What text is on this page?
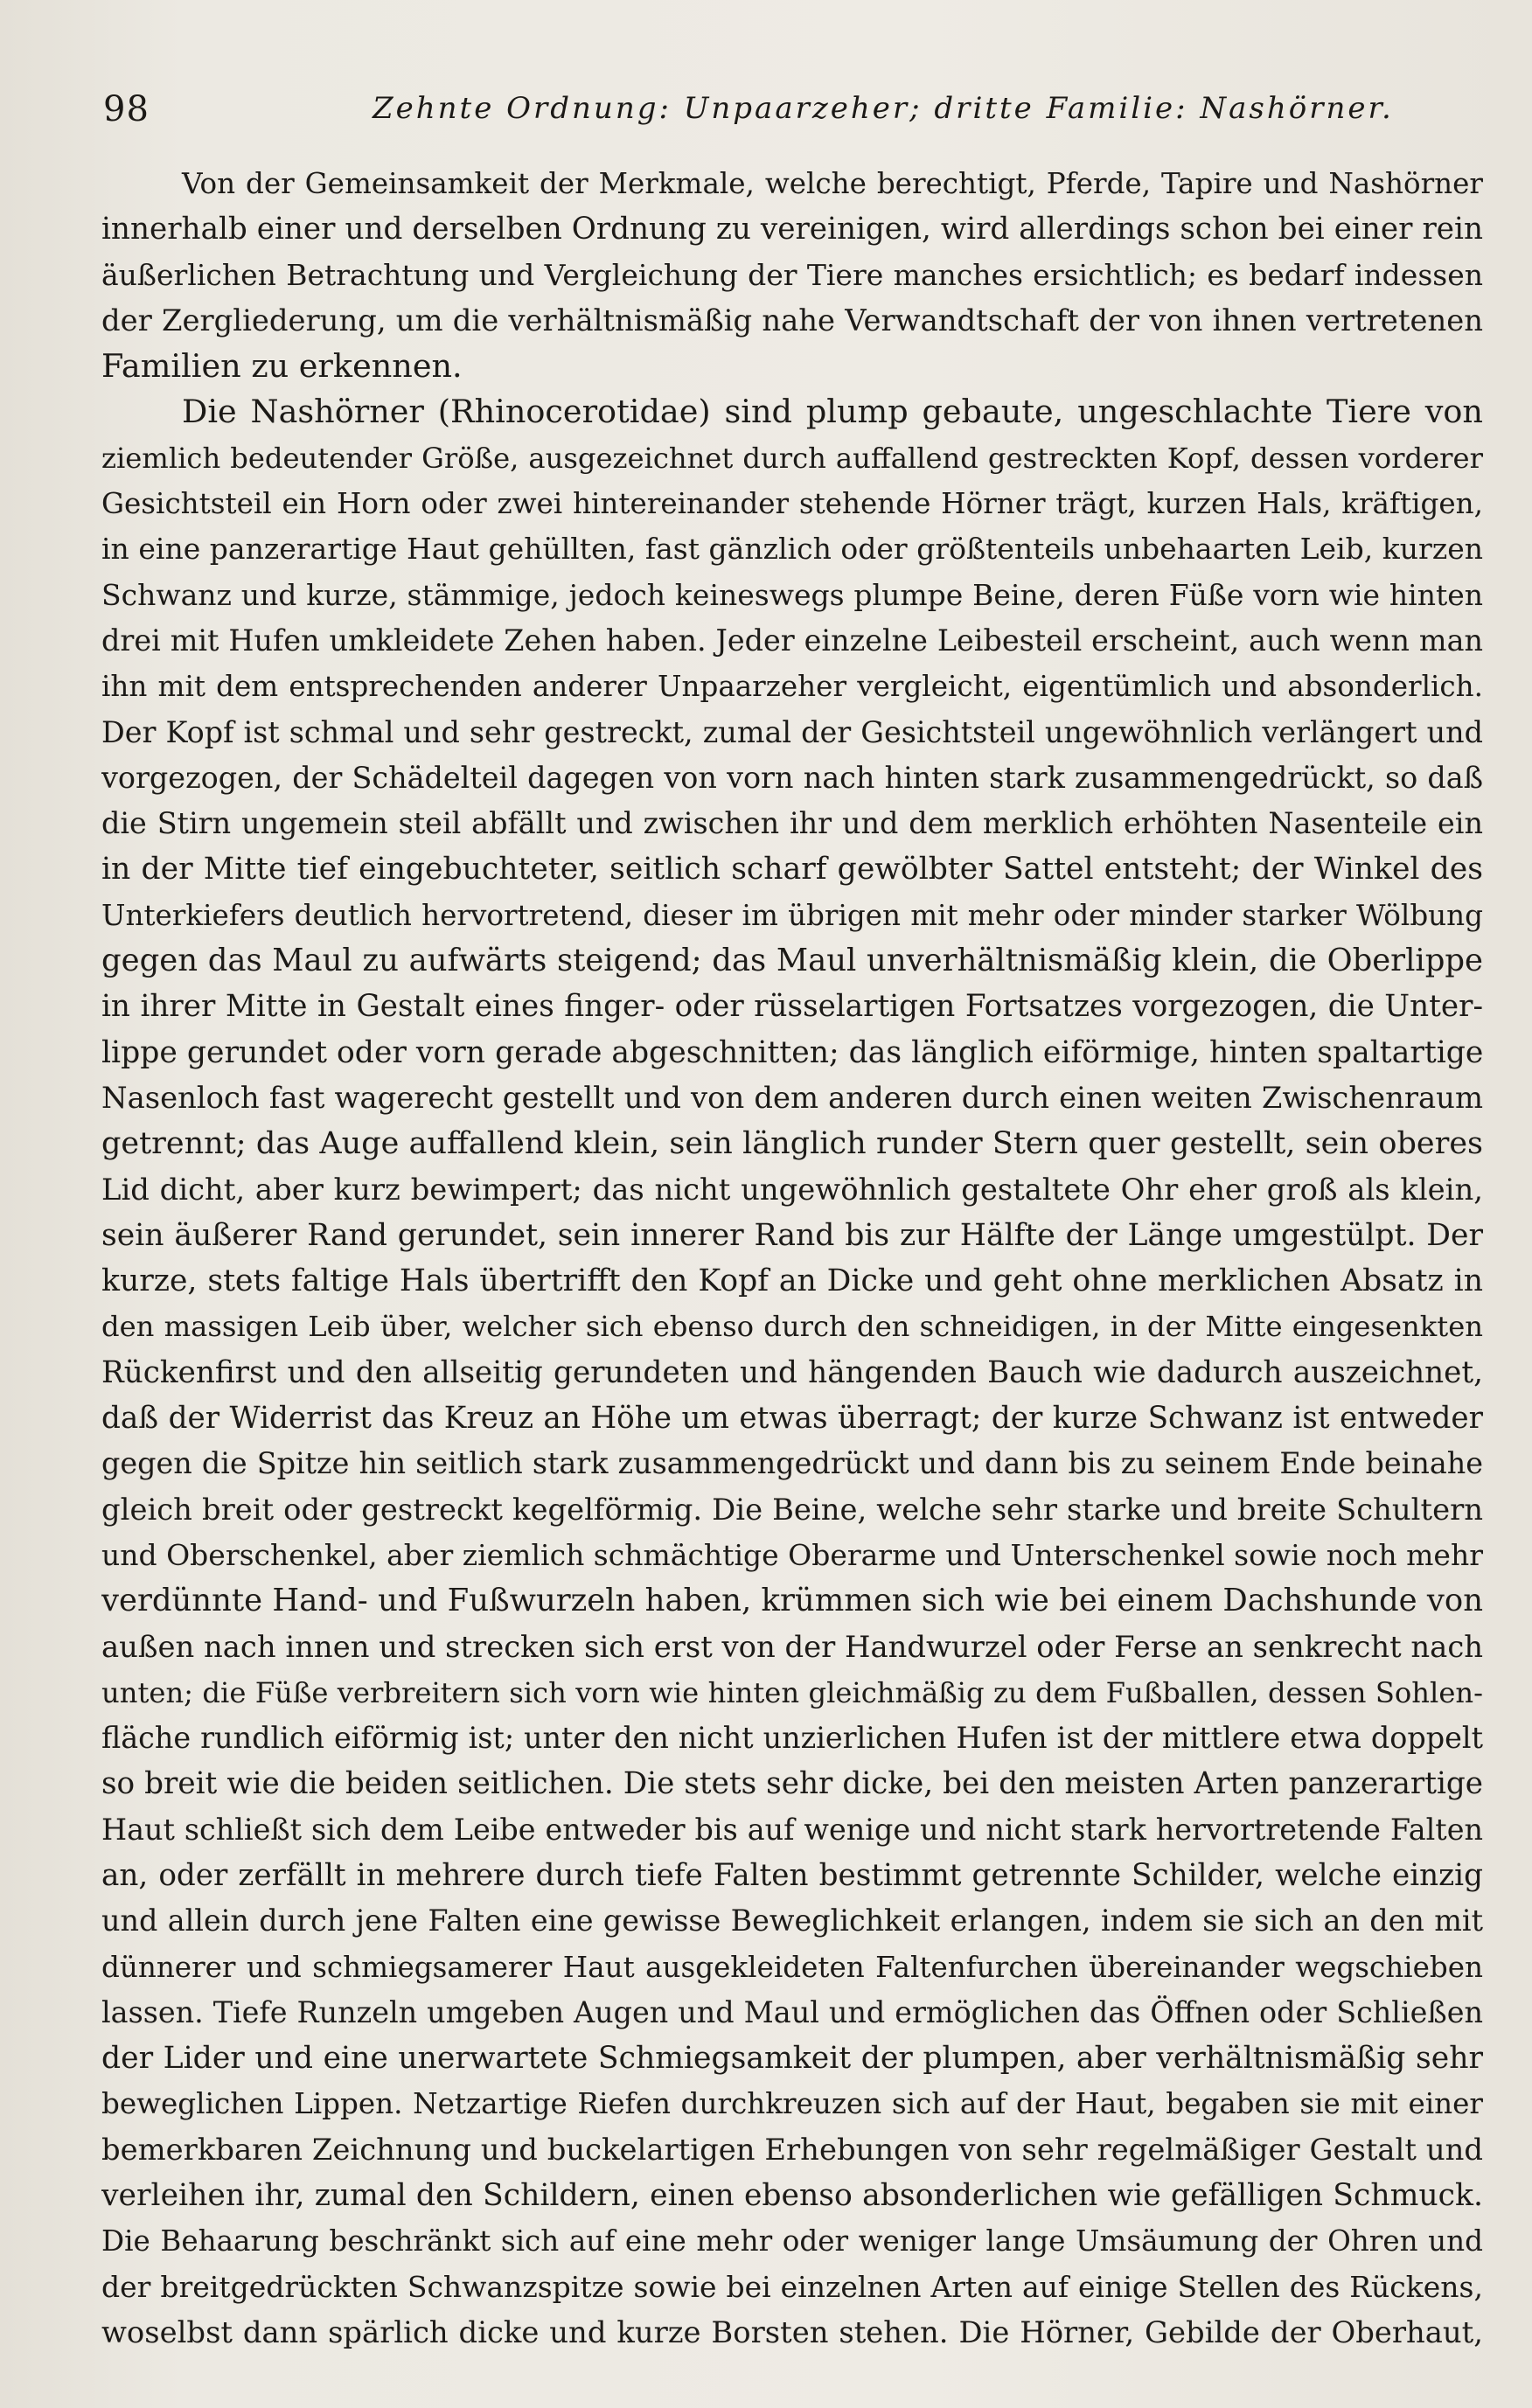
98	Zehnte Ordnung: Unpaarzeher; dritte Familie: Nashörner.
Von der Gemeinsamkeit der Merkmale, welche berechtigt, Pferde, Tapire und Nashörner
innerhalb einer und derselben Ordnung zu vereinigen, wird allerdings schon bei einer rein
äußerlichen Betrachtung und Vergleichung der Tiere manches ersichtlich; es bedarf indessen
der Zergliederung, um die verhältnismäßig nahe Verwandtschaft der von ihnen vertretenen
Familien zu erkennen.
Die Nashörner (Rhinocerotidae) sind plump gebaute, ungeschlachte Tiere von
ziemlich bedeutender Größe, ausgezeichnet durch auffallend gestreckten Kopf, dessen vorderer
Gesichtsteil ein Horn oder zwei hintereinander stehende Hörner trägt, kurzen Hals, kräftigen,
in eine panzerartige Haut gehüllten, fast gänzlich oder größtenteils unbehaarten Leib, kurzen
Schwanz und kurze, stämmige, jedoch keineswegs plumpe Beine, deren Füße vorn wie hinten
drei mit Hufen umkleidete Zehen haben. Jeder einzelne Leibesteil erscheint, auch wenn man
ihn mit dem entsprechenden anderer Unpaarzeher vergleicht, eigentümlich und absonderlich.
Der Kopf ist schmal und sehr gestreckt, zumal der Gesichtsteil ungewöhnlich verlängert und
vorgezogen, der Schädelteil dagegen von vorn nach hinten stark zusammengedrückt, so daß
die Stirn ungemein steil abfällt und zwischen ihr und dem merklich erhöhten Nasenteile ein
in der Mitte tief eingebuchteter, seitlich scharf gewölbter Sattel entsteht; der Winkel des
Unterkiefers deutlich hervortretend, dieser im übrigen mit mehr oder minder starker Wölbung
gegen das Maul zu aufwärts steigend; das Maul unverhältnismäßig klein, die Oberlippe
in ihrer Mitte in Gestalt eines finger- oder rüsselartigen Fortsatzes vorgezogen, die Unter-
lippe gerundet oder vorn gerade abgeschnitten; das länglich eiförmige, hinten spaltartige
Nasenloch fast wagerecht gestellt und von dem anderen durch einen weiten Zwischenraum
getrennt; das Auge auffallend klein, sein länglich runder Stern quer gestellt, sein oberes
Lid dicht, aber kurz bewimpert; das nicht ungewöhnlich gestaltete Ohr eher groß als klein,
sein äußerer Rand gerundet, sein innerer Rand bis zur Hälfte der Länge umgestülpt. Der
kurze, stets faltige Hals übertrifft den Kopf an Dicke und geht ohne merklichen Absatz in
den massigen Leib über, welcher sich ebenso durch den schneidigen, in der Mitte eingesenkten
Rückenfirst und den allseitig gerundeten und hängenden Bauch wie dadurch auszeichnet,
daß der Widerrist das Kreuz an Höhe um etwas überragt; der kurze Schwanz ist entweder
gegen die Spitze hin seitlich stark zusammengedrückt und dann bis zu seinem Ende beinahe
gleich breit oder gestreckt kegelförmig. Die Beine, welche sehr starke und breite Schultern
und Oberschenkel, aber ziemlich schmächtige Oberarme und Unterschenkel sowie noch mehr
verdünnte Hand- und Fußwurzeln haben, krümmen sich wie bei einem Dachshunde von
außen nach innen und strecken sich erst von der Handwurzel oder Ferse an senkrecht nach
unten; die Füße verbreitern sich vorn wie hinten gleichmäßig zu dem Fußballen, dessen Sohlen-
fläche rundlich eiförmig ist; unter den nicht unzierlichen Hufen ist der mittlere etwa doppelt
so breit wie die beiden seitlichen. Die stets sehr dicke, bei den meisten Arten panzerartige
Haut schließt sich dem Leibe entweder bis auf wenige und nicht stark hervortretende Falten
an, oder zerfällt in mehrere durch tiefe Falten bestimmt getrennte Schilder, welche einzig
und allein durch jene Falten eine gewisse Beweglichkeit erlangen, indem sie sich an den mit
dünnerer und schmiegsamerer Haut ausgekleideten Faltenfurchen übereinander wegschieben
lassen. Tiefe Runzeln umgeben Augen und Maul und ermöglichen das Öffnen oder Schließen
der Lider und eine unerwartete Schmiegsamkeit der plumpen, aber verhältnismäßig sehr
beweglichen Lippen. Netzartige Riefen durchkreuzen sich auf der Haut, begaben sie mit einer
bemerkbaren Zeichnung und buckelartigen Erhebungen von sehr regelmäßiger Gestalt und
verleihen ihr, zumal den Schildern, einen ebenso absonderlichen wie gefälligen Schmuck.
Die Behaarung beschränkt sich auf eine mehr oder weniger lange Umsäumung der Ohren und
der breitgedrückten Schwanzspitze sowie bei einzelnen Arten auf einige Stellen des Rückens,
woselbst dann spärlich dicke und kurze Borsten stehen. Die Hörner, Gebilde der Oberhaut,
